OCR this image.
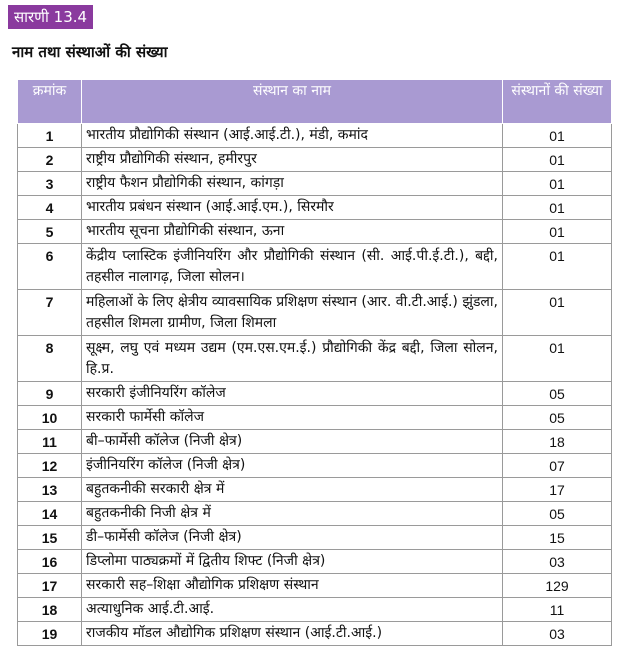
सारणी 13.4
नाम तथा संस्थाओं की संख्या
क्रमांक	संस्थान का नाम	संस्थानों की संख्या
1	भारतीय प्रौद्योगिकी संस्थान (आई.आई.टी.), मंडी, कमांद	01
2	राष्ट्रीय प्रौद्योगिकी संस्थान, हमीरपुर	01
3	राष्ट्रीय फैशन प्रौद्योगिकी संस्थान, कांगड़ा	01
4	भारतीय प्रबंधन संस्थान (आई.आई.एम.), सिरमौर	01
5	भारतीय सूचना प्रौद्योगिकी संस्थान, ऊना	01
6	केंद्रीय प्लास्टिक इंजीनियरिंग और प्रौद्योगिकी संस्थान (सी. आई.पी.ई.टी.), बद्दी, तहसील नालागढ़, जिला सोलन।	01
7	महिलाओं के लिए क्षेत्रीय व्यावसायिक प्रशिक्षण संस्थान (आर. वी.टी.आई.) झुंडला, तहसील शिमला ग्रामीण, जिला शिमला	01
8	सूक्ष्म, लघु एवं मध्यम उद्यम (एम.एस.एम.ई.) प्रौद्योगिकी केंद्र बद्दी, जिला सोलन, हि.प्र.	01
9	सरकारी इंजीनियरिंग कॉलेज	05
10	सरकारी फार्मेसी कॉलेज	05
11	बी–फार्मेसी कॉलेज (निजी क्षेत्र)	18
12	इंजीनियरिंग कॉलेज (निजी क्षेत्र)	07
13	बहुतकनीकी सरकारी क्षेत्र में	17
14	बहुतकनीकी निजी क्षेत्र में	05
15	डी–फार्मेसी कॉलेज (निजी क्षेत्र)	15
16	डिप्लोमा पाठ्यक्रमों में द्वितीय शिफ्ट (निजी क्षेत्र)	03
17	सरकारी सह–शिक्षा औद्योगिक प्रशिक्षण संस्थान	129
18	अत्याधुनिक आई.टी.आई.	11
19	राजकीय मॉडल औद्योगिक प्रशिक्षण संस्थान (आई.टी.आई.)	03
